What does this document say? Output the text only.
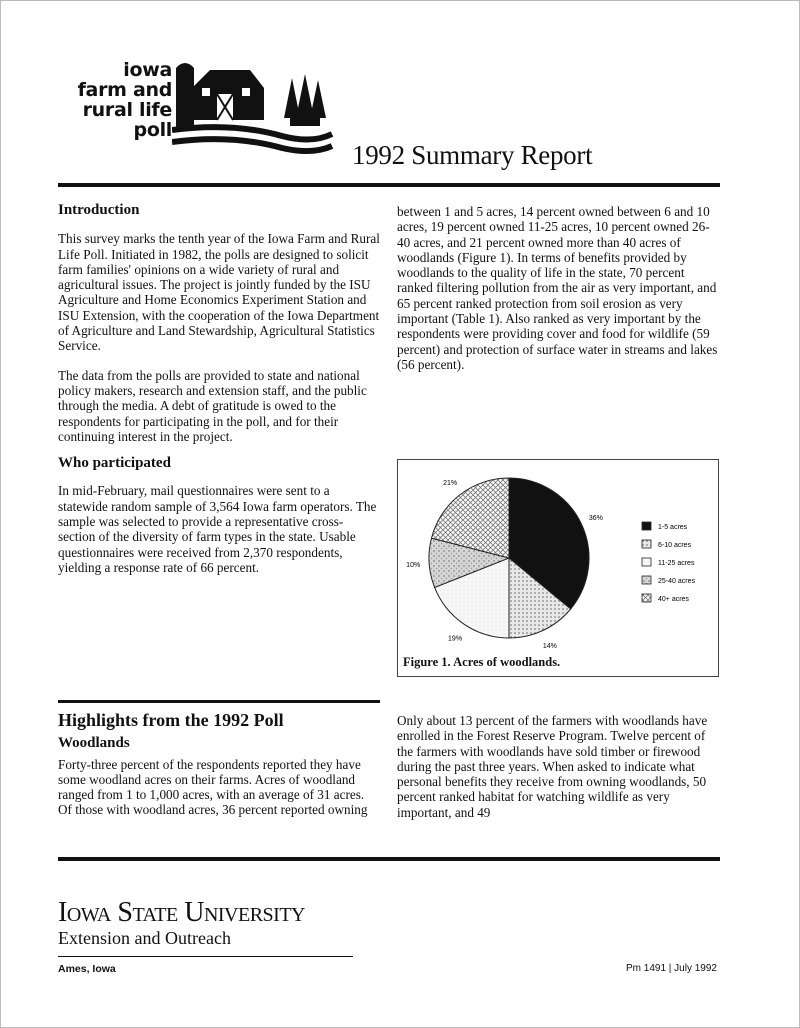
iowa
farm and
rural life
poll
1992 Summary Report
Introduction

This survey marks the tenth year of the Iowa Farm and Rural Life Poll. Initiated in 1982, the polls are designed to solicit farm families' opinions on a wide variety of rural and agricultural issues. The project is jointly funded by the ISU Agriculture and Home Economics Experiment Station and ISU Extension, with the cooperation of the Iowa Department of Agriculture and Land Stewardship, Agricultural Statistics Service.

The data from the polls are provided to state and national policy makers, research and extension staff, and the public through the media. A debt of gratitude is owed to the respondents for participating in the poll, and for their continuing interest in the project.

Who participated

In mid-February, mail questionnaires were sent to a statewide random sample of 3,564 Iowa farm operators. The sample was selected to provide a representative cross-section of the diversity of farm types in the state. Usable questionnaires were received from 2,370 respondents, yielding a response rate of 66 percent.

between 1 and 5 acres, 14 percent owned between 6 and 10 acres, 19 percent owned 11-25 acres, 10 percent owned 26-40 acres, and 21 percent owned more than 40 acres of woodlands (Figure 1). In terms of benefits provided by woodlands to the quality of life in the state, 70 percent ranked filtering pollution from the air as very important, and 65 percent ranked protection from soil erosion as very important (Table 1). Also ranked as very important by the respondents were providing cover and food for wildlife (59 percent) and protection of surface water in streams and lakes (56 percent).

36%
14%
19%
10%
21%
1-5 acres
6-10 acres
11-25 acres
25-40 acres
40+ acres
Figure 1. Acres of woodlands.
Highlights from the 1992 Poll
Woodlands

Forty-three percent of the respondents reported they have some woodland acres on their farms. Acres of woodland ranged from 1 to 1,000 acres, with an average of 31 acres. Of those with woodland acres, 36 percent reported owning

Only about 13 percent of the farmers with woodlands have enrolled in the Forest Reserve Program. Twelve percent of the farmers with woodlands have sold timber or firewood during the past three years. When asked to indicate what personal benefits they receive from owning woodlands, 50 percent ranked habitat for watching wildlife as very important, and 49

Iowa State University
Extension and Outreach
Ames, Iowa	Pm 1491 | July 1992
